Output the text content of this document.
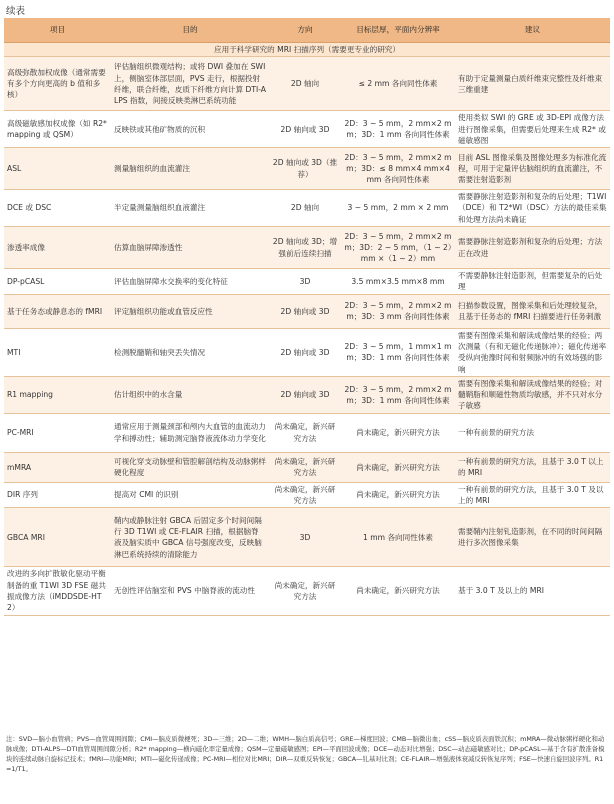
续表
项目	目的	方向	目标层厚，平面内分辨率	建议
应用于科学研究的 MRI 扫描序列（需要更专业的研究）				
高级弥散加权成像（通常需要有多个方向更高的 b 值和多核）	评估脑组织微观结构；或将 DWI 叠加在 SWI 上，侧脑室体部层面，PVS 走行，根据投射纤维，联合纤维，皮质下纤维方向计算 DTI-ALPS 指数，间接反映类淋巴系统功能	2D 轴向	≤ 2 mm 各向同性体素	有助于定量测量白质纤维束完整性及纤维束三维重建
高级磁敏感加权成像（如 R2* mapping 或 QSM）	反映铁或其他矿物质的沉积	2D 轴向或 3D	2D：3 ~ 5 mm，2 mm×2 mm；3D：1 mm 各向同性体素	使用类似 SWI 的 GRE 或 3D-EPI 成像方法进行图像采集，但需要后处理来生成 R2* 或磁敏感图
ASL	测量脑组织的血流灌注	2D 轴向或 3D（推荐）	2D：3 ~ 5 mm，2 mm×2 mm；3D：≤ 8 mm×4 mm×4 mm 各向同性体素	目前 ASL 图像采集及图像处理多为标准化流程，可用于定量评估脑组织的血流灌注，不需要注射造影剂
DCE 或 DSC	半定量测量脑组织血液灌注	2D 轴向	3 ~ 5 mm，2 mm × 2 mm	需要静脉注射造影剂和复杂的后处理；T1WI（DCE）和 T2*WI（DSC）方法的最佳采集和处理方法尚未确证
渗透率成像	估算血脑屏障渗透性	2D 轴向或 3D；增强前后连续扫描	2D：3 ~ 5 mm，2 mm×2 mm；3D：2 ~ 5 mm，（1 ~ 2）mm ×（1 ~ 2）mm	需要静脉注射造影剂和复杂的后处理；方法正在改进
DP-pCASL	评估血脑屏障水交换率的变化特征	3D	3.5 mm×3.5 mm×8 mm	不需要静脉注射造影剂，但需要复杂的后处理
基于任务态或静息态的 fMRI	评定脑组织功能或血管反应性	2D 轴向或 3D	2D：3 ~ 5 mm，2 mm×2 mm；3D：3 mm 各向同性体素	扫描参数设置，图像采集和后处理较复杂，且基于任务态的 fMRI 扫描要进行任务刺激
MTI	检测脱髓鞘和轴突丢失情况	2D 轴向或 3D	2D：3 ~ 5 mm，1 mm×1 mm；3D：1 mm 各向同性体素	需要有图像采集和解读成像结果的经验；两次测量（有和无磁化传递脉冲）；磁化传递率受纵向弛豫时间和射频脉冲的有效场强的影响
R1 mapping	估计组织中的水含量	2D 轴向或 3D	2D：3 ~ 5 mm，2 mm×2 mm；3D：1 mm 各向同性体素	需要有图像采集和解读成像结果的经验；对髓鞘脂和顺磁性物质均敏感，并不只对水分子敏感
PC-MRI	通常应用于测量颈部和颅内大血管的血流动力学和搏动性；辅助测定脑脊液流体动力学变化	尚未确定，新兴研究方法	尚未确定，新兴研究方法	一种有前景的研究方法
mMRA	可视化穿支动脉壁和管腔解剖结构及动脉粥样硬化程度	尚未确定，新兴研究方法	尚未确定，新兴研究方法	一种有前景的研究方法，且基于 3.0 T 以上的 MRI
DIR 序列	提高对 CMI 的识别	尚未确定，新兴研究方法	尚未确定，新兴研究方法	一种有前景的研究方法，且基于 3.0 T 及以上的 MRI
GBCA MRI	鞘内或静脉注射 GBCA 后固定多个时间间隔行 3D T1WI 或 CE-FLAIR 扫描，根据脑脊液及脑实质中 GBCA 信号强度改变，反映脑淋巴系统持续的清除能力	3D	1 mm 各向同性体素	需要鞘内注射钆造影剂，在不同的时间间隔进行多次图像采集
改进的多向扩散敏化驱动平衡制备的重 T1WI 3D FSE 磁共振成像方法（iMDDSDE-HT2）	无创性评估脑室和 PVS 中脑脊液的流动性	尚未确定，新兴研究方法	尚未确定，新兴研究方法	基于 3.0 T 及以上的 MRI
注：SVD—脑小血管病；PVS—血管周围间隙；CMI—脑皮质微梗死；3D—三维；2D—二维；WMH—脑白质高信号；GRE—梯度回波；CMB—脑微出血；cSS—脑皮质表面铁沉积；mMRA—微动脉粥样硬化和动脉成像；DTI-ALPS—DTI血管周围间隙分析；R2* mapping—横向磁化率定量成像；QSM—定量磁敏感图；EPI—平面回波成像；DCE—动态对比增强；DSC—动态磁敏感对比；DP-pCASL—基于含有扩散准备模块的连续动脉自旋标记技术；fMRI—功能MRI；MTI—磁化传递成像；PC-MRI—相位对比MRI；DIR—双重反转恢复；GBCA—钆基对比剂；CE-FLAIR—增强液体衰减反转恢复序列；FSE—快速自旋回波序列。R1=1/T1。
